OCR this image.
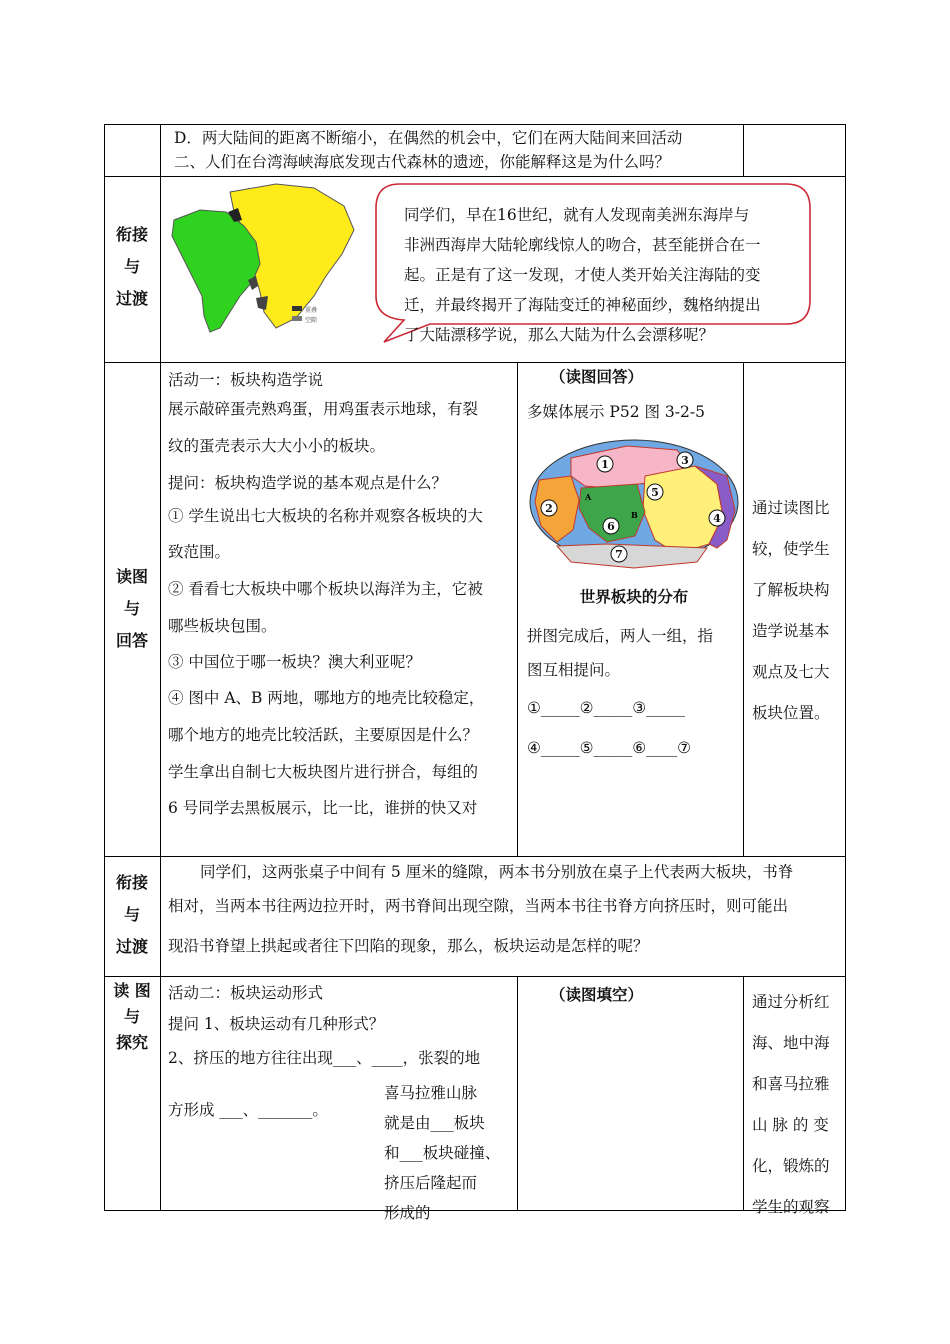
D．两大陆间的距离不断缩小，在偶然的机会中，它们在两大陆间来回活动
二、人们在台湾海峡海底发现古代森林的遗迹，你能解释这是为什么吗？
衔接
与
过渡
重叠
空隙
同学们，早在16世纪，就有人发现南美洲东海岸与
非洲西海岸大陆轮廓线惊人的吻合，甚至能拼合在一
起。正是有了这一发现，才使人类开始关注海陆的变
迁，并最终揭开了海陆变迁的神秘面纱，魏格纳提出
了大陆漂移学说，那么大陆为什么会漂移呢？
读图
与
回答
活动一：板块构造学说
展示敲碎蛋壳熟鸡蛋，用鸡蛋表示地球，有裂
纹的蛋壳表示大大小小的板块。
提问：板块构造学说的基本观点是什么？
① 学生说出七大板块的名称并观察各板块的大
致范围。
② 看看七大板块中哪个板块以海洋为主，它被
哪些板块包围。
③ 中国位于哪一板块？澳大利亚呢？
④ 图中 A、B 两地，哪地方的地壳比较稳定，
哪个地方的地壳比较活跃，主要原因是什么？
学生拿出自制七大板块图片进行拼合，每组的
6 号同学去黑板展示，比一比，谁拼的快又对
（读图回答）
多媒体展示 P52 图 3-2-5
1
2
3
4
5
6
7
A
B
世界板块的分布
拼图完成后，两人一组，指
图互相提问。
①_____②_____③_____
④_____⑤_____⑥____⑦
通过读图比
较，使学生
了解板块构
造学说基本
观点及七大
板块位置。
衔接
与
过渡
同学们，这两张桌子中间有 5 厘米的缝隙，两本书分别放在桌子上代表两大板块，书脊
相对，当两本书往两边拉开时，两书脊间出现空隙，当两本书往书脊方向挤压时，则可能出
现沿书脊望上拱起或者往下凹陷的现象，那么，板块运动是怎样的呢？
读 图
与
探究
活动二：板块运动形式
提问 1、板块运动有几种形式？
2、挤压的地方往往出现___、____，张裂的地
方形成 ___、_______。
喜马拉雅山脉
就是由___板块
和___板块碰撞、
挤压后隆起而
形成的
（读图填空）	通过分析红
海、地中海
和喜马拉雅
山 脉 的 变
化，锻炼的
学生的观察
